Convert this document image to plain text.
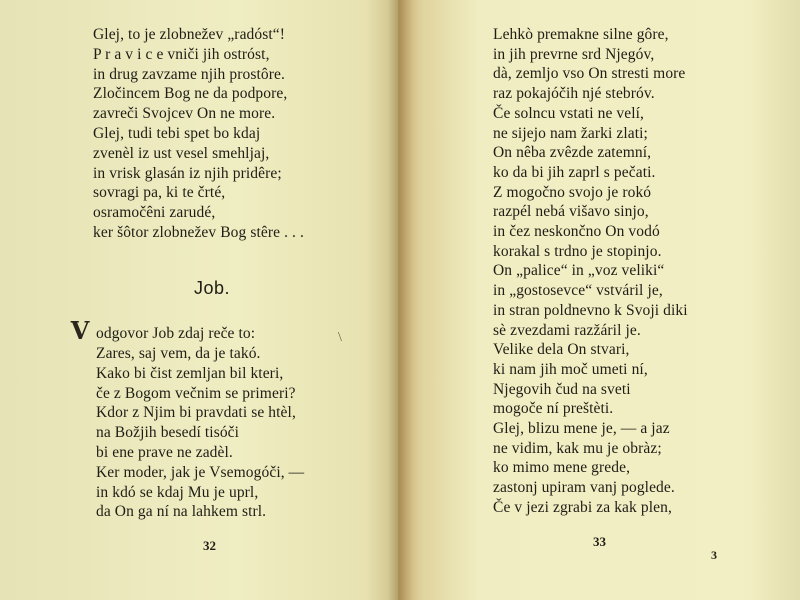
Glej, to je zlobnežev „radóst“!
P r a v i c e vniči jih ostróst,
in drug zavzame njih prostôre.
Zločincem Bog ne da podpore,
zavreči Svojcev On ne more.
Glej, tudi tebi spet bo kdaj
zvenèl iz ust vesel smehljaj,
in vrisk glasán iz njih pridêre;
sovragi pa, ki te črté,
osramočêni zarudé,
ker šôtor zlobnežev Bog stêre . . .
Job.
V odgovor Job zdaj reče to:
Zares, saj vem, da je takó.
Kako bi čist zemljan bil kteri,
če z Bogom večnim se primeri?
Kdor z Njim bi pravdati se htèl,
na Božjih besedí tisóči
bi ene prave ne zadèl.
Ker moder, jak je Vsemogóči, —
in kdó se kdaj Mu je uprl,
da On ga ní na lahkem strl.
\
32
Lehkò premakne silne gôre,
in jih prevrne srd Njegóv,
dà, zemljo vso On stresti more
raz pokajóčih njé stebróv.
Če solncu vstati ne velí,
ne sijejo nam žarki zlati;
On nêba zvêzde zatemní,
ko da bi jih zaprl s pečati.
Z mogočno svojo je rokó
razpél nebá višavo sinjo,
in čez neskončno On vodó
korakal s trdno je stopinjo.
On „palice“ in „voz veliki“
in „gostosevce“ vstváril je,
in stran poldnevno k Svoji diki
sè zvezdami razžáril je.
Velike dela On stvari,
ki nam jih moč umeti ní,
Njegovih čud na sveti
mogoče ní preštèti.
Glej, blizu mene je, — a jaz
ne vidim, kak mu je obràz;
ko mimo mene grede,
zastonj upiram vanj poglede.
Če v jezi zgrabi za kak plen,
33
3
